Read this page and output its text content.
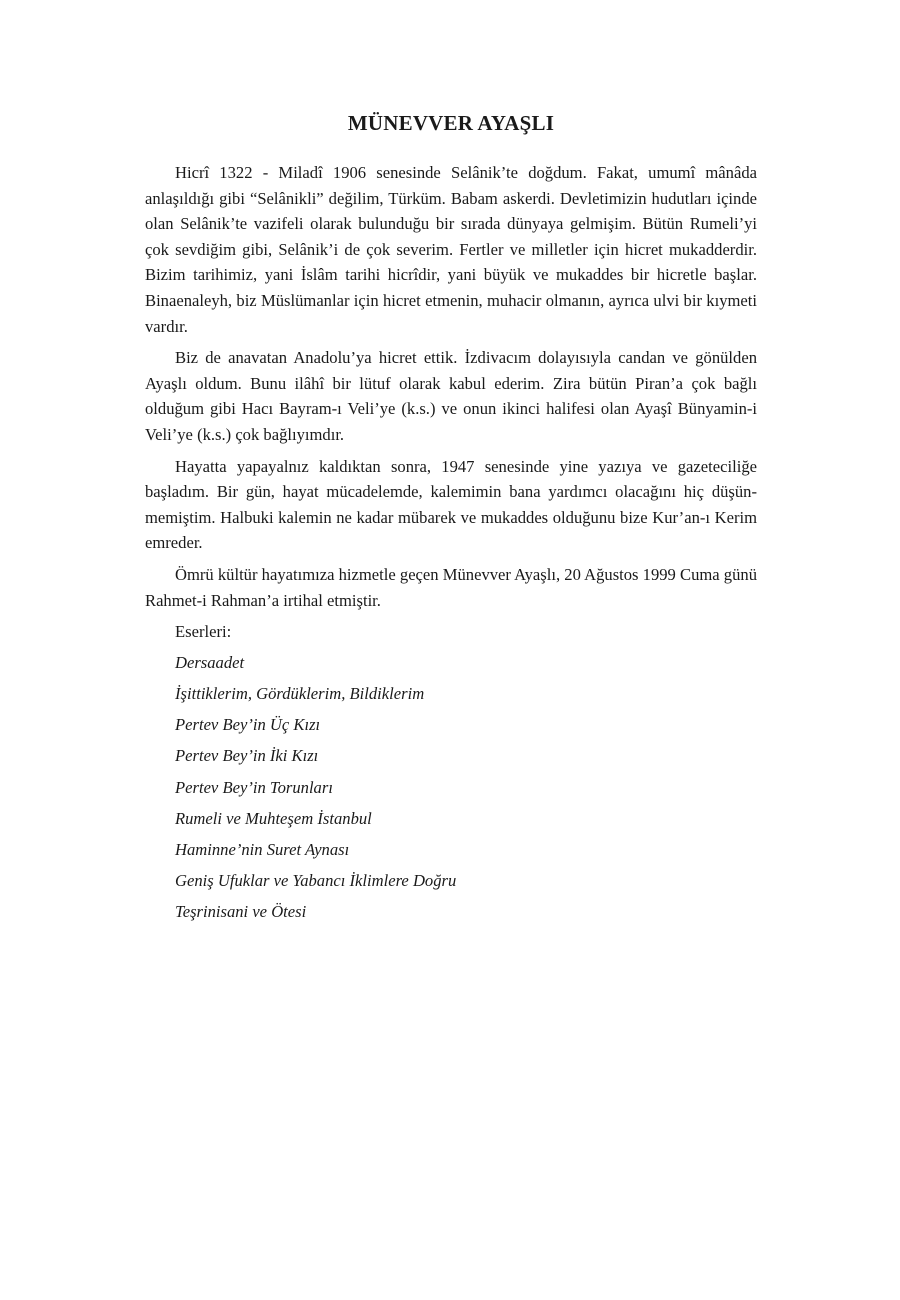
MÜNEVVER AYAŞLI

Hicrî 1322 - Miladî 1906 senesinde Selânik’te doğdum. Fakat, umumî mânâda anlaşıldığı gibi “Selânikli” değilim, Türküm. Babam askerdi. Devletimizin hudutları içinde olan Selânik’te vazifeli olarak bulunduğu bir sırada dünyaya gelmişim. Bütün Rumeli’yi çok sevdiğim gibi, Selânik’i de çok severim. Fertler ve milletler için hicret mukadderdir. Bizim tarihimiz, yani İslâm tarihi hicrîdir, yani büyük ve mukaddes bir hicretle başlar. Binaenaleyh, biz Müslümanlar için hicret etmenin, muhacir olmanın, ayrıca ulvi bir kıymeti vardır.

Biz de anavatan Anadolu’ya hicret ettik. İzdivacım dolayısıyla candan ve gönülden Ayaşlı oldum. Bunu ilâhî bir lütuf olarak kabul ederim. Zira bütün Piran’a çok bağlı olduğum gibi Hacı Bayram-ı Veli’ye (k.s.) ve onun ikinci halifesi olan Ayaşî Bünyamin-i Veli’ye (k.s.) çok bağlıyımdır.

Hayatta yapayalnız kaldıktan sonra, 1947 senesinde yine yazıya ve gazeteciliğe başladım. Bir gün, hayat mücadelemde, kalemimin bana yardımcı olacağını hiç düşünmemiştim. Halbuki kalemin ne kadar mübarek ve mukaddes olduğunu bize Kur’an-ı Kerim emreder.

Ömrü kültür hayatımıza hizmetle geçen Münevver Ayaşlı, 20 Ağustos 1999 Cuma günü Rahmet-i Rahman’a irtihal etmiştir.

Eserleri:
Dersaadet
İşittiklerim, Gördüklerim, Bildiklerim
Pertev Bey’in Üç Kızı
Pertev Bey’in İki Kızı
Pertev Bey’in Torunları
Rumeli ve Muhteşem İstanbul
Haminne’nin Suret Aynası
Geniş Ufuklar ve Yabancı İklimlere Doğru
Teşrinisani ve Ötesi
